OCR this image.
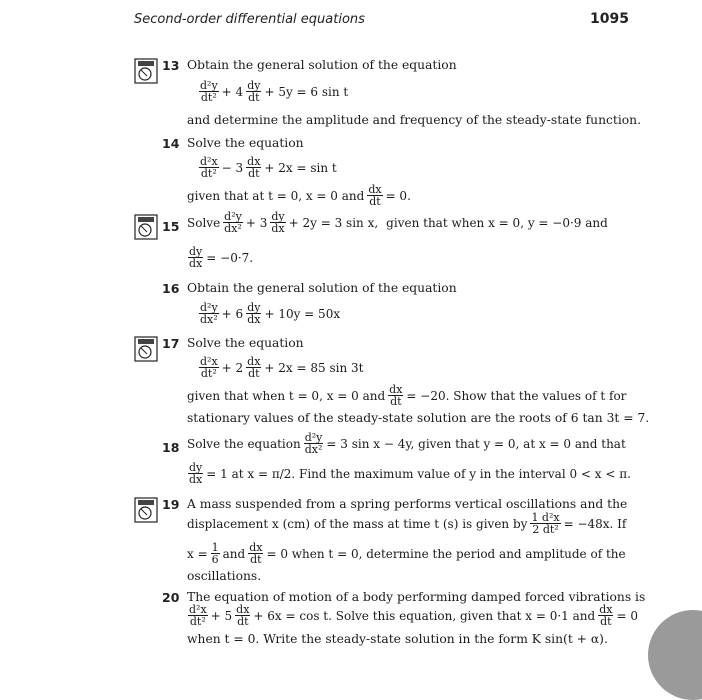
Second-order differential equations	1095
13 Obtain the general solution of the equation
$\frac{\text{d²y}}{\text{dt²}} + 4 \frac{dy}{dt} + 5y = 6$ sin t
and determine the amplitude and frequency of the steady-state function.
14 Solve the equation
$\frac{\text{d²x}}{\text{dt²}} - 3 \frac{dx}{dt} + 2x = \sin t$
given that at t = 0, x = 0 and $\frac{dx}{dt} = 0$.
15 Solve $\frac{\text{d²y}}{\text{dx²}} + 3 \frac{dy}{dx} + 2y = 3$ sin x, given that when x = 0, y = −0·9 and
$\frac{dy}{dx} = -0\cdot 7$.
16 Obtain the general solution of the equation
$\frac{\text{d²y}}{\text{dx²}} + 6 \frac{dy}{dx} + 10y = 50x$
17 Solve the equation
$\frac{\text{d²x}}{\text{dt²}} + 2 \frac{dx}{dt} + 2x = 85$ sin 3t
given that when t = 0, x = 0 and $\frac{dx}{dt} = -20$. Show that the values of t for
stationary values of the steady-state solution are the roots of 6 tan 3t = 7.
18 Solve the equation $\frac{\text{d²y}}{\text{dx²}} = 3$ sin x − 4y, given that y = 0, at x = 0 and that
$\frac{dy}{dx} = 1$ at x = π/2. Find the maximum value of y in the interval 0 < x < π.
19 A mass suspended from a spring performs vertical oscillations and the
displacement x (cm) of the mass at time t (s) is given by $\frac{\text{1 d²x}}{\text{2 dt²}} = -48x$. If
$x = \frac{1}{6}$ and $\frac{dx}{dt} = 0$ when t = 0, determine the period and amplitude of the
oscillations.
20 The equation of motion of a body performing damped forced vibrations is
$\frac{\text{d²x}}{\text{dt²}} + 5 \frac{dx}{dt} + 6x = \cos t$. Solve this equation, given that x = 0·1 and $\frac{dx}{dt} = 0$
when t = 0. Write the steady-state solution in the form K sin(t + α).
